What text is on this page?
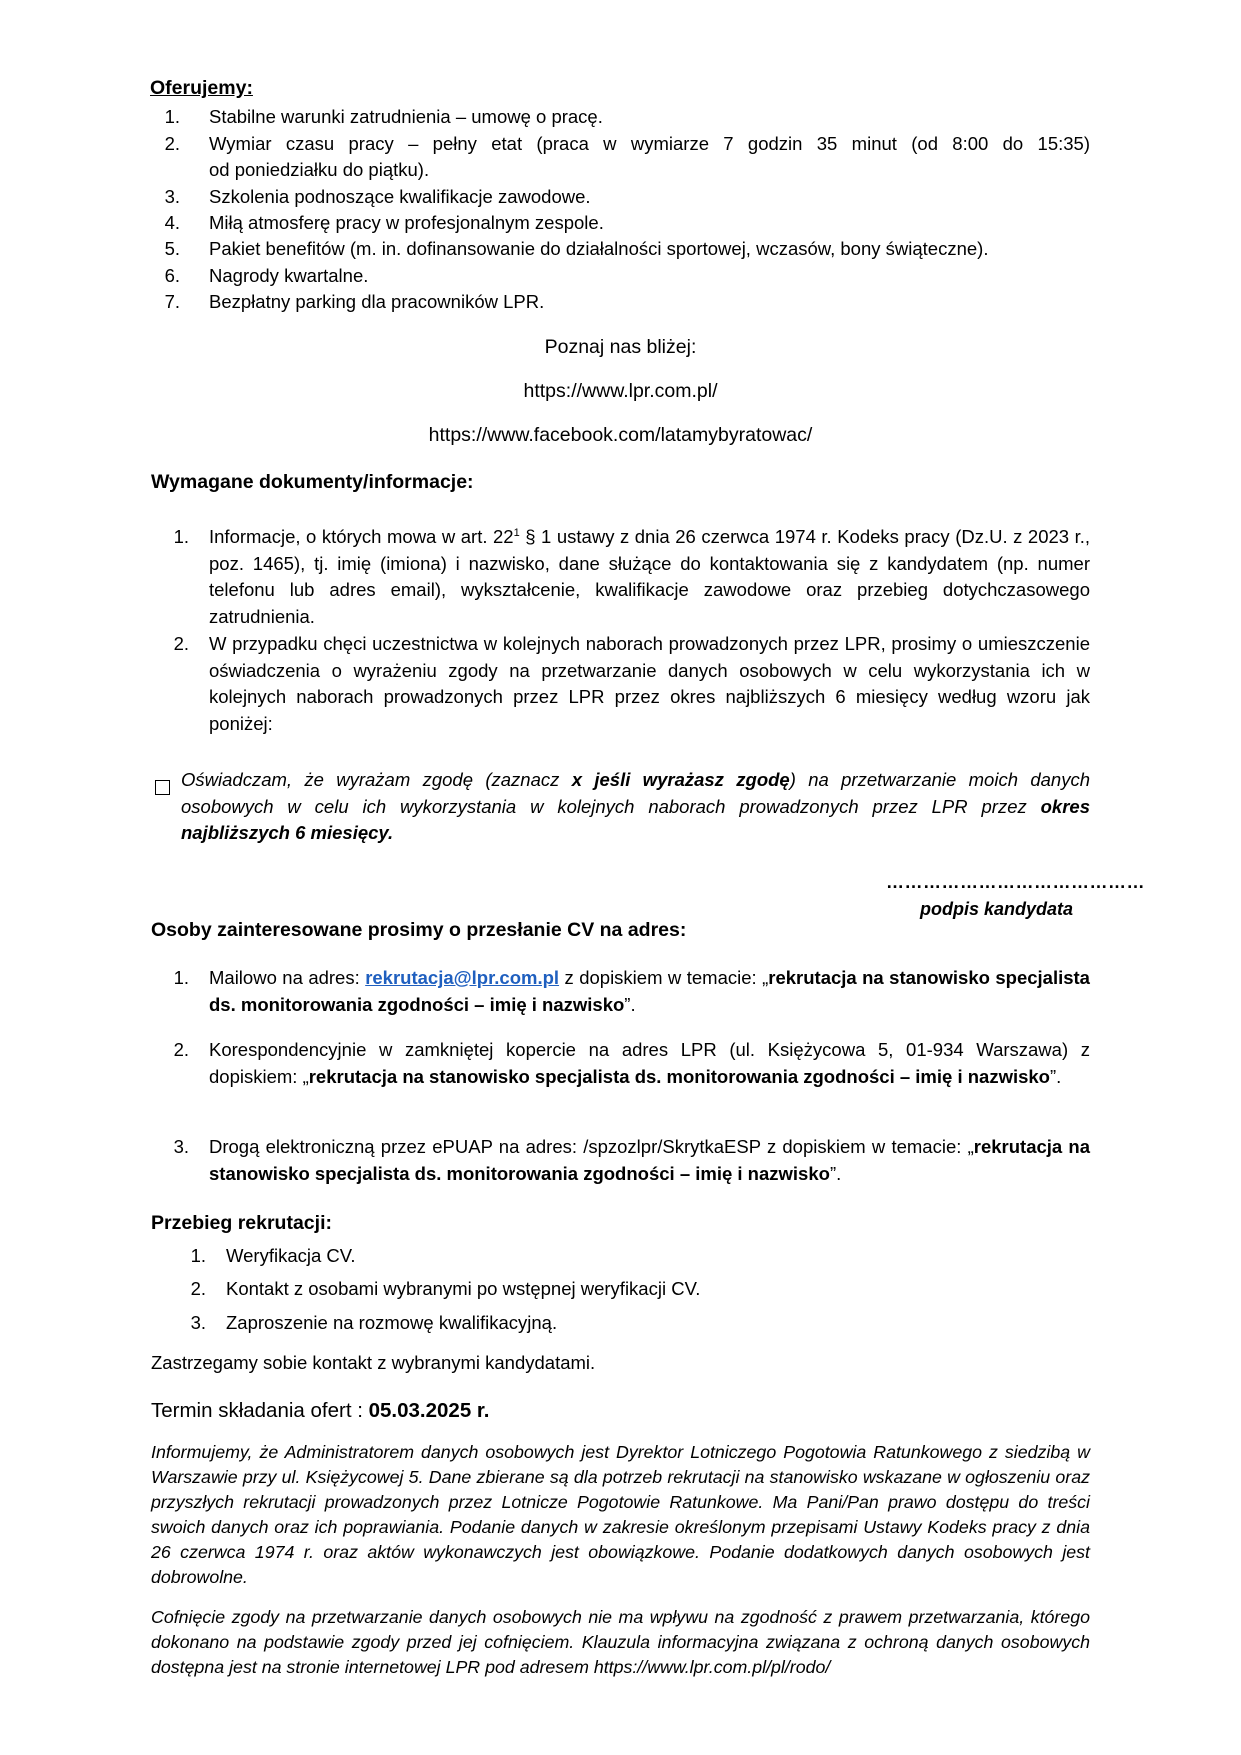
Oferujemy:
1. Stabilne warunki zatrudnienia – umowę o pracę.
2. Wymiar czasu pracy – pełny etat (praca w wymiarze 7 godzin 35 minut (od 8:00 do 15:35)
od poniedziałku do piątku).
3. Szkolenia podnoszące kwalifikacje zawodowe.
4. Miłą atmosferę pracy w profesjonalnym zespole.
5. Pakiet benefitów (m. in. dofinansowanie do działalności sportowej, wczasów, bony świąteczne).
6. Nagrody kwartalne.
7. Bezpłatny parking dla pracowników LPR.
Poznaj nas bliżej:
https://www.lpr.com.pl/
https://www.facebook.com/latamybyratowac/
Wymagane dokumenty/informacje:
1. Informacje, o których mowa w art. $22^1$ § 1 ustawy z dnia 26 czerwca 1974 r. Kodeks pracy (Dz.U. z 2023 r., poz. 1465), tj. imię (imiona) i nazwisko, dane służące do kontaktowania się z kandydatem (np. numer telefonu lub adres email), wykształcenie, kwalifikacje zawodowe oraz przebieg dotychczasowego zatrudnienia.
2. W przypadku chęci uczestnictwa w kolejnych naborach prowadzonych przez LPR, prosimy o umieszczenie oświadczenia o wyrażeniu zgody na przetwarzanie danych osobowych w celu wykorzystania ich w kolejnych naborach prowadzonych przez LPR przez okres najbliższych 6 miesięcy według wzoru jak poniżej:
Oświadczam, że wyrażam zgodę (zaznacz x jeśli wyrażasz zgodę) na przetwarzanie moich danych osobowych w celu ich wykorzystania w kolejnych naborach prowadzonych przez LPR przez okres najbliższych 6 miesięcy.
……………………………………
podpis kandydata
Osoby zainteresowane prosimy o przesłanie CV na adres:
1. Mailowo na adres: rekrutacja@lpr.com.pl z dopiskiem w temacie: „rekrutacja na stanowisko specjalista ds. monitorowania zgodności – imię i nazwisko”.
2. Korespondencyjnie w zamkniętej kopercie na adres LPR (ul. Księżycowa 5, 01-934 Warszawa) z dopiskiem: „rekrutacja na stanowisko specjalista ds. monitorowania zgodności – imię i nazwisko”.
3. Drogą elektroniczną przez ePUAP na adres: /spzozlpr/SkrytkaESP z dopiskiem w temacie: „rekrutacja na stanowisko specjalista ds. monitorowania zgodności – imię i nazwisko”.
Przebieg rekrutacji:
1. Weryfikacja CV.
2. Kontakt z osobami wybranymi po wstępnej weryfikacji CV.
3. Zaproszenie na rozmowę kwalifikacyjną.
Zastrzegamy sobie kontakt z wybranymi kandydatami.
Termin składania ofert : 05.03.2025 r.
Informujemy, że Administratorem danych osobowych jest Dyrektor Lotniczego Pogotowia Ratunkowego z siedzibą w Warszawie przy ul. Księżycowej 5. Dane zbierane są dla potrzeb rekrutacji na stanowisko wskazane w ogłoszeniu oraz przyszłych rekrutacji prowadzonych przez Lotnicze Pogotowie Ratunkowe. Ma Pani/Pan prawo dostępu do treści swoich danych oraz ich poprawiania. Podanie danych w zakresie określonym przepisami Ustawy Kodeks pracy z dnia 26 czerwca 1974 r. oraz aktów wykonawczych jest obowiązkowe. Podanie dodatkowych danych osobowych jest dobrowolne.
Cofnięcie zgody na przetwarzanie danych osobowych nie ma wpływu na zgodność z prawem przetwarzania, którego dokonano na podstawie zgody przed jej cofnięciem. Klauzula informacyjna związana z ochroną danych osobowych dostępna jest na stronie internetowej LPR pod adresem https://www.lpr.com.pl/pl/rodo/
